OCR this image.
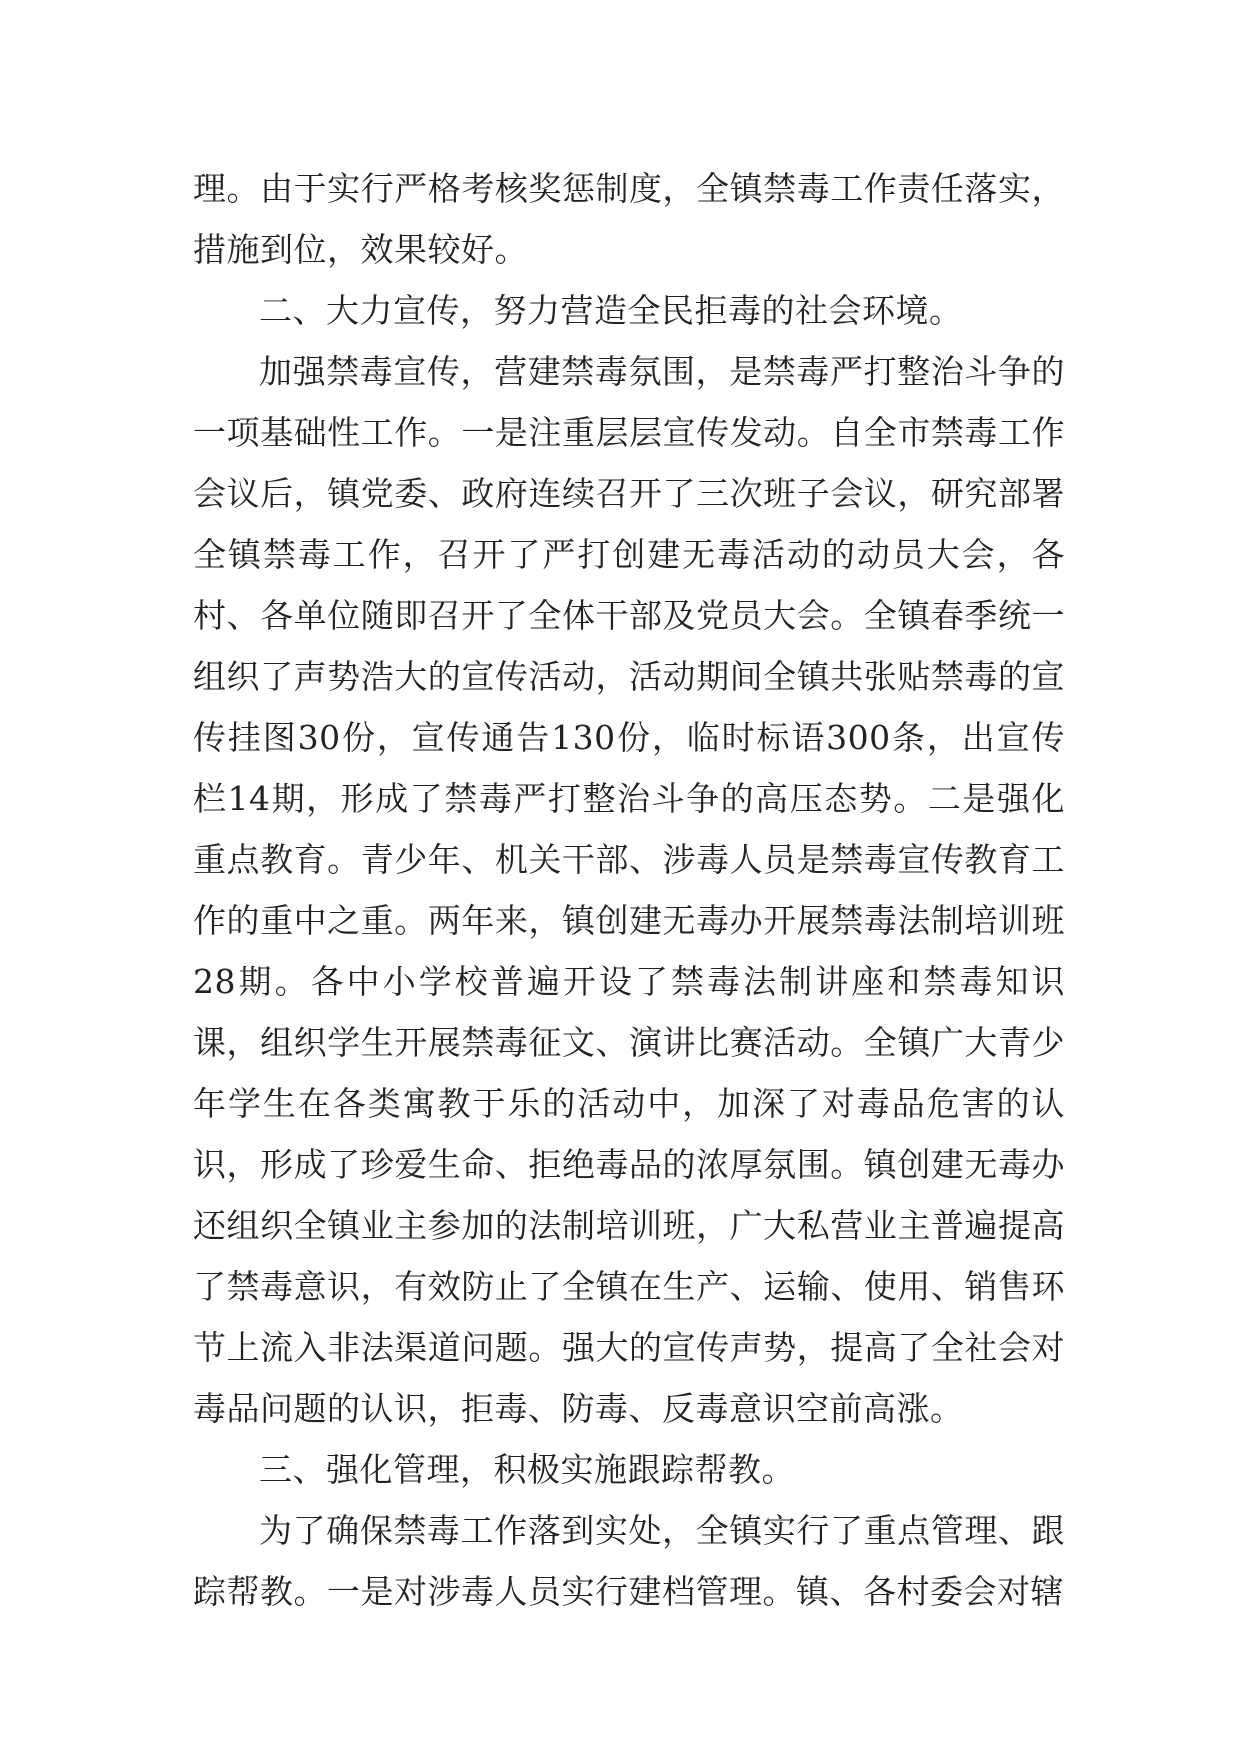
理。由于实行严格考核奖惩制度，全镇禁毒工作责任落实，措施到位，效果较好。

二、大力宣传，努力营造全民拒毒的社会环境。

加强禁毒宣传，营建禁毒氛围，是禁毒严打整治斗争的一项基础性工作。一是注重层层宣传发动。自全市禁毒工作会议后，镇党委、政府连续召开了三次班子会议，研究部署全镇禁毒工作，召开了严打创建无毒活动的动员大会，各村、各单位随即召开了全体干部及党员大会。全镇春季统一组织了声势浩大的宣传活动，活动期间全镇共张贴禁毒的宣传挂图30份，宣传通告130份，临时标语300条，出宣传栏14期，形成了禁毒严打整治斗争的高压态势。二是强化重点教育。青少年、机关干部、涉毒人员是禁毒宣传教育工作的重中之重。两年来，镇创建无毒办开展禁毒法制培训班28期。各中小学校普遍开设了禁毒法制讲座和禁毒知识课，组织学生开展禁毒征文、演讲比赛活动。全镇广大青少年学生在各类寓教于乐的活动中，加深了对毒品危害的认识，形成了珍爱生命、拒绝毒品的浓厚氛围。镇创建无毒办还组织全镇业主参加的法制培训班，广大私营业主普遍提高了禁毒意识，有效防止了全镇在生产、运输、使用、销售环节上流入非法渠道问题。强大的宣传声势，提高了全社会对毒品问题的认识，拒毒、防毒、反毒意识空前高涨。

三、强化管理，积极实施跟踪帮教。

为了确保禁毒工作落到实处，全镇实行了重点管理、跟踪帮教。一是对涉毒人员实行建档管理。镇、各村委会对辖
